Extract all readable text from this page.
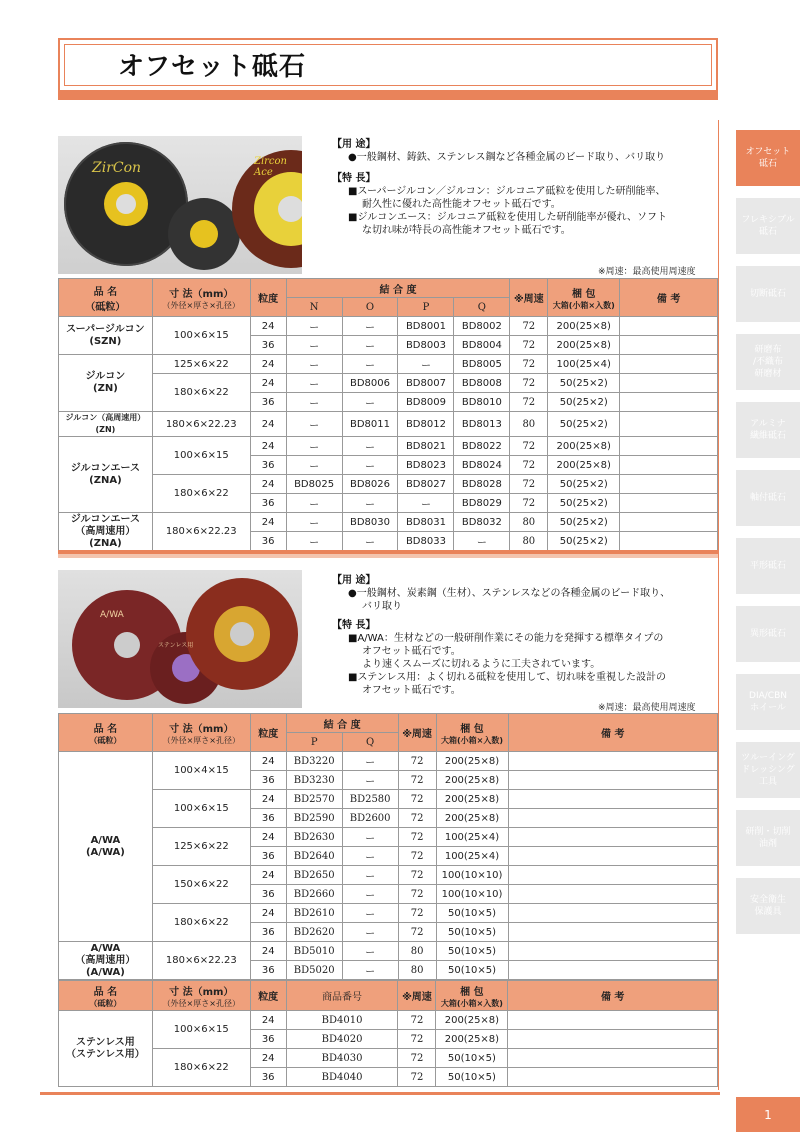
オフセット砥石
オフセット
砥石
フレキシブル
砥石
切断砥石
研磨布
/不織布
研磨材
アルミナ
繊維砥石
軸付砥石
平形砥石
異形砥石
DIA/CBN
ホイール
ツルーイング
ドレッシング
工具
研削・切削
油剤
安全衛生
保護具
ZirCon	Zircon Ace
【用 途】
●一般鋼材、鋳鉄、ステンレス鋼など各種金属のビード取り、バリ取り
【特 長】
■スーパージルコン／ジルコン：ジルコニア砥粒を使用した研削能率、
耐久性に優れた高性能オフセット砥石です。
■ジルコンエース：ジルコニア砥粒を使用した研削能率が優れ、ソフト
な切れ味が特長の高性能オフセット砥石です。
※周速：最高使用周速度
品 名
（砥粒）	寸 法（mm）
（外径×厚さ×孔径）	粒度	結 合 度				※周速	梱 包
大箱(小箱×入数)	備 考
			N	O	P	Q			
スーパージルコン
(SZN)	100×6×15	24	ー	ー	BD8001	BD8002	72	200(25×8)	
		36	ー	ー	BD8003	BD8004	72	200(25×8)	
ジルコン
(ZN)	125×6×22	24	ー	ー	ー	BD8005	72	100(25×4)	
	180×6×22	24	ー	BD8006	BD8007	BD8008	72	50(25×2)	
		36	ー	ー	BD8009	BD8010	72	50(25×2)	
ジルコン（高周速用）
(ZN)	180×6×22.23	24	ー	BD8011	BD8012	BD8013	80	50(25×2)	
ジルコンエース
(ZNA)	100×6×15	24	ー	ー	BD8021	BD8022	72	200(25×8)	
		36	ー	ー	BD8023	BD8024	72	200(25×8)	
	180×6×22	24	BD8025	BD8026	BD8027	BD8028	72	50(25×2)	
		36	ー	ー	ー	BD8029	72	50(25×2)	
ジルコンエース
（高周速用）
(ZNA)	180×6×22.23	24	ー	BD8030	BD8031	BD8032	80	50(25×2)	
		36	ー	ー	BD8033	ー	80	50(25×2)	
A/WA
ステンレス用
【用 途】
●一般鋼材、炭素鋼（生材）、ステンレスなどの各種金属のビード取り、
バリ取り
【特 長】
■A/WA：生材などの一般研削作業にその能力を発揮する標準タイプの
オフセット砥石です。
より速くスムーズに切れるように工夫されています。
■ステンレス用：よく切れる砥粒を使用して、切れ味を重視した設計の
オフセット砥石です。
※周速：最高使用周速度
品 名
（砥粒）	寸 法（mm）
（外径×厚さ×孔径）	粒度	結 合 度		※周速	梱 包
大箱(小箱×入数)	備 考
			P	Q			
A/WA
(A/WA)	100×4×15	24	BD3220	ー	72	200(25×8)	
		36	BD3230	ー	72	200(25×8)	
	100×6×15	24	BD2570	BD2580	72	200(25×8)	
		36	BD2590	BD2600	72	200(25×8)	
	125×6×22	24	BD2630	ー	72	100(25×4)	
		36	BD2640	ー	72	100(25×4)	
	150×6×22	24	BD2650	ー	72	100(10×10)	
		36	BD2660	ー	72	100(10×10)	
	180×6×22	24	BD2610	ー	72	50(10×5)	
		36	BD2620	ー	72	50(10×5)	
A/WA
（高周速用）
(A/WA)	180×6×22.23	24	BD5010	ー	80	50(10×5)	
		36	BD5020	ー	80	50(10×5)	
品 名
（砥粒）	寸 法（mm）
（外径×厚さ×孔径）	粒度	商品番号	※周速	梱 包
大箱(小箱×入数)	備 考
ステンレス用
（ステンレス用）	100×6×15	24	BD4010	72	200(25×8)	
		36	BD4020	72	200(25×8)	
	180×6×22	24	BD4030	72	50(10×5)	
		36	BD4040	72	50(10×5)	
1
